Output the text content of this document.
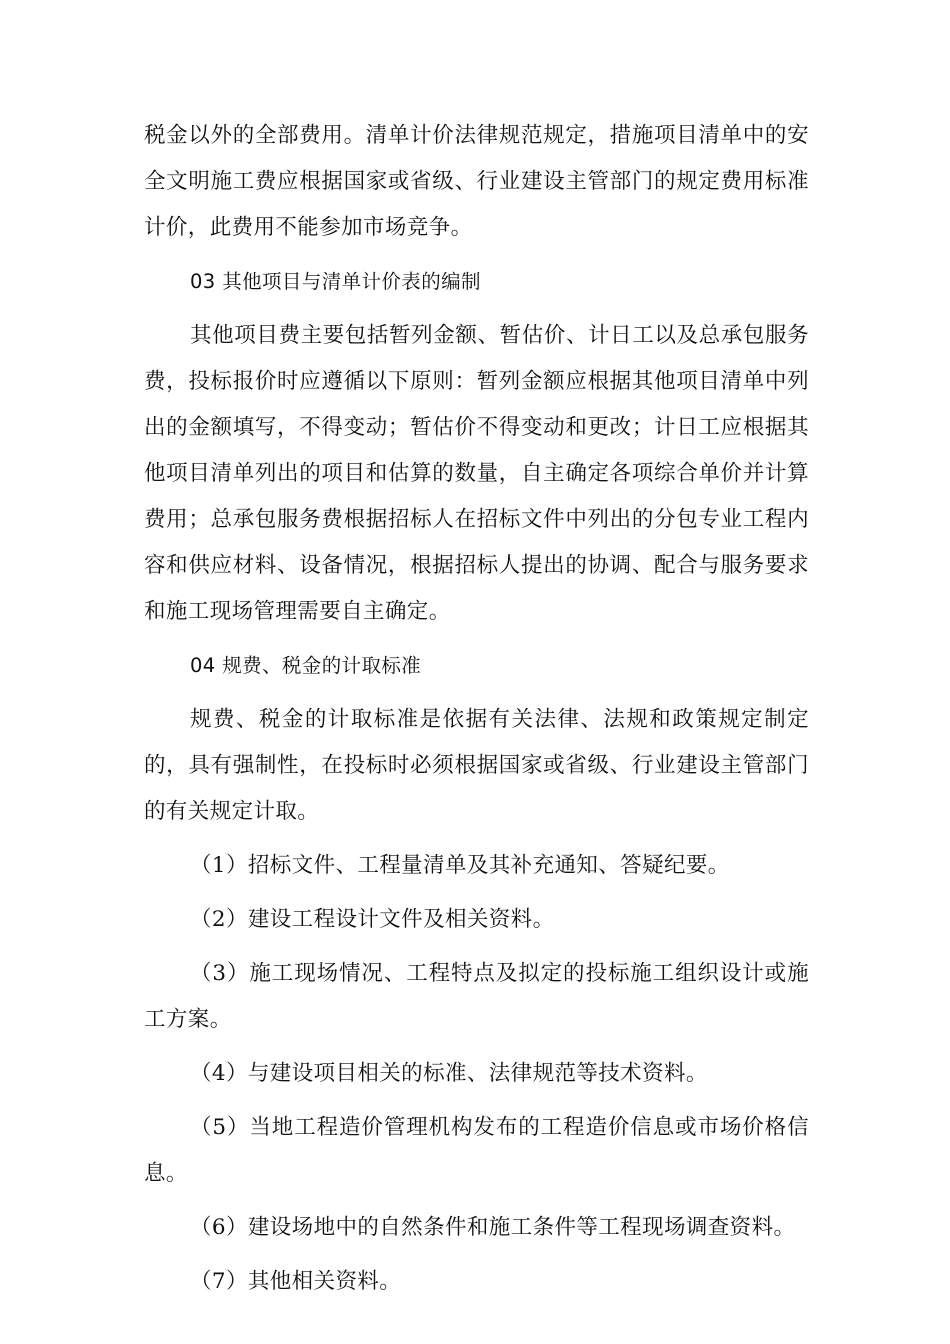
税金以外的全部费用。清单计价法律规范规定，措施项目清单中的安全文明施工费应根据国家或省级、行业建设主管部门的规定费用标准计价，此费用不能参加市场竞争。

03 其他项目与清单计价表的编制

其他项目费主要包括暂列金额、暂估价、计日工以及总承包服务费，投标报价时应遵循以下原则：暂列金额应根据其他项目清单中列出的金额填写，不得变动；暂估价不得变动和更改；计日工应根据其他项目清单列出的项目和估算的数量，自主确定各项综合单价并计算费用；总承包服务费根据招标人在招标文件中列出的分包专业工程内容和供应材料、设备情况，根据招标人提出的协调、配合与服务要求和施工现场管理需要自主确定。

04 规费、税金的计取标准

规费、税金的计取标准是依据有关法律、法规和政策规定制定的，具有强制性，在投标时必须根据国家或省级、行业建设主管部门的有关规定计取。

（1）招标文件、工程量清单及其补充通知、答疑纪要。

（2）建设工程设计文件及相关资料。

（3）施工现场情况、工程特点及拟定的投标施工组织设计或施工方案。

（4）与建设项目相关的标准、法律规范等技术资料。

（5）当地工程造价管理机构发布的工程造价信息或市场价格信息。

（6）建设场地中的自然条件和施工条件等工程现场调查资料。

（7）其他相关资料。
